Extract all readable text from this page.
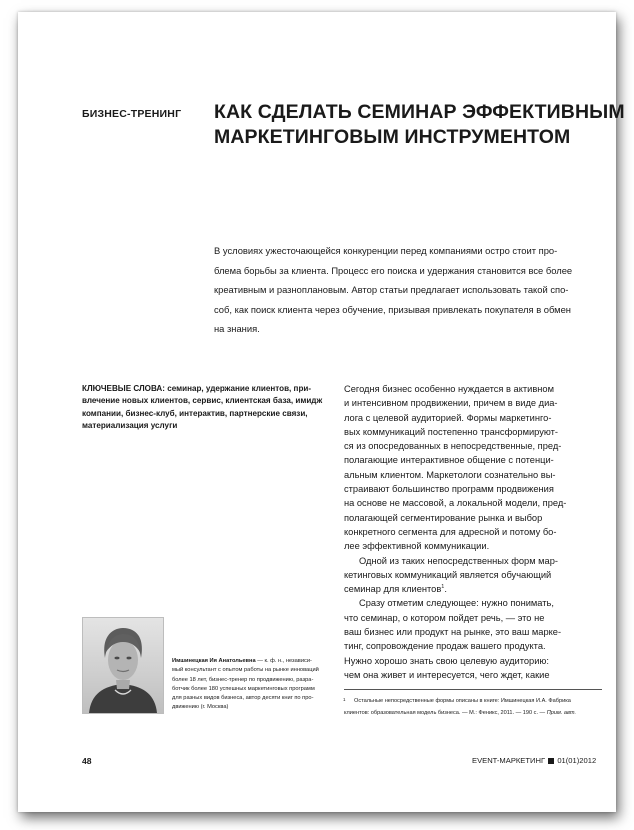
БИЗНЕС-ТРЕНИНГ КАК СДЕЛАТЬ СЕМИНАР ЭФФЕКТИВНЫМ
МАРКЕТИНГОВЫМ ИНСТРУМЕНТОМ
В условиях ужесточающейся конкуренции перед компаниями остро стоит про-
блема борьбы за клиента. Процесс его поиска и удержания становится все более
креативным и разноплановым. Автор статьи предлагает использовать такой спо-
соб, как поиск клиента через обучение, призывая привлекать покупателя в обмен
на знания.
КЛЮЧЕВЫЕ СЛОВА: семинар, удержание клиентов, при-
влечение новых клиентов, сервис, клиентская база, имидж
компании, бизнес-клуб, интерактив, партнерские связи,
материализация услуги
Сегодня бизнес особенно нуждается в активном
и интенсивном продвижении, причем в виде диа-
лога с целевой аудиторией. Формы маркетинго-
вых коммуникаций постепенно трансформируют-
ся из опосредованных в непосредственные, пред-
полагающие интерактивное общение с потенци-
альным клиентом. Маркетологи сознательно вы-
страивают большинство программ продвижения
на основе не массовой, а локальной модели, пред-
полагающей сегментирование рынка и выбор
конкретного сегмента для адресной и потому бо-
лее эффективной коммуникации.
Одной из таких непосредственных форм мар-
кетинговых коммуникаций является обучающий
семинар для клиентов$^1$.
Сразу отметим следующее: нужно понимать,
что семинар, о котором пойдет речь, — это не
ваш бизнес или продукт на рынке, это ваш марке-
тинг, сопровождение продаж вашего продукта.
Нужно хорошо знать свою целевую аудиторию:
чем она живет и интересуется, чего ждет, какие
Имшинецкая Ия Анатольевна — к. ф. н., независи-
мый консультант с опытом работы на рынке инноваций
более 18 лет, бизнес-тренер по продвижению, разра-
ботчик более 180 успешных маркетинговых программ
для разных видов бизнеса, автор десяти книг по про-
движению (г. Москва)
1	Остальные непосредственные формы описаны в книге: Имшинецкая И.А. Фабрика
клиентов: образовательная модель бизнеса. — М.: Феникс, 2011. — 190 с. — Прим. авт.
48	EVENT-МАРКЕТИНГ 01(01)2012
